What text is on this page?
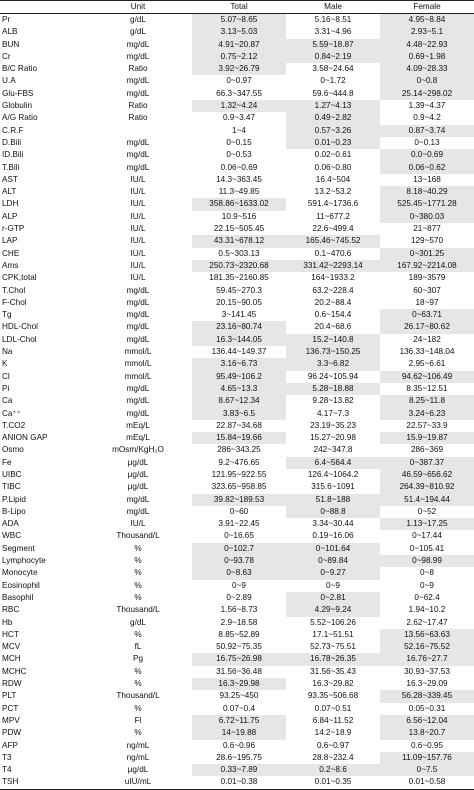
	Unit	Total	Male	Female
Pr	g/dL	5.07~8.65	5.16~8.51	4.95~8.84
ALB	g/dL	3.13~5.03	3.31~4.96	2.93~5.1
BUN	mg/dL	4.91~20.87	5.59~18.87	4.48~22.93
Cr	mg/dL	0.75~2.12	0.84~2.19	0.69~1.98
B/C Ratio	Ratio	3.92~26.79	3.58~24.64	4.09~28.33
U.A	mg/dL	0~0.97	0~1.72	0~0.8
Glu-FBS	mg/dL	66.3~347.55	59.6~444.8	25.14~298.02
Globulin	Ratio	1.32~4.24	1.27~4.13	1.39~4.37
A/G Ratio	Ratio	0.9~3.47	0.49~2.82	0.9~4.2
C.R.F		1~4	0.57~3.26	0.87~3.74
D.Bili	mg/dL	0~0.15	0.01~0.23	0~0.13
ID.Bili	mg/dL	0~0.53	0.02~0.61	0.0~0.69
T.Bili	mg/dL	0.06~0.69	0.06~0.80	0.06~0.62
AST	IU/L	14.3~363.45	16.4~504	13~168
ALT	IU/L	11.3~49.85	13.2~53.2	8.18~40.29
LDH	IU/L	358.86~1633.02	591.4~1736.6	525.45~1771.28
ALP	IU/L	10.9~516	11~677.2	0~380.03
r-GTP	IU/L	22.15~505.45	22.6~499.4	21~877
LAP	IU/L	43.31~678.12	165.46~745.52	129~570
CHE	IU/L	0.5~303.13	0.1~470.6	0~301.25
Ams	IU/L	250.73~2320.68	331.42~2293.14	167.92~2214.08
CPK,total	IU/L	181.35~2160.85	164~1933.2	189~3579
T.Chol	mg/dL	59.45~270.3	63.2~228.4	60~307
F-Chol	mg/dL	20.15~90.05	20.2~88.4	18~97
Tg	mg/dL	3~141.45	0.6~154.4	0~63.71
HDL-Chol	mg/dL	23.16~80.74	20.4~68.6	26.17~80.62
LDL-Chol	mg/dL	16.3~144.05	15.2~140.8	24~182
Na	mmol/L	136.44~149.37	136.73~150.25	136.33~148.04
K	mmol/L	3.16~6.73	3.3~6.82	2.95~6.61
Cl	mmol/L	95.49~106.2	96.24~105.94	94.62~106.49
Pi	mg/dL	4.65~13.3	5.28~18.88	8.35~12.51
Ca	mg/dL	8.67~12.34	9.28~13.82	8.25~11.8
Ca⁺⁺	mg/dL	3.83~6.5	4.17~7.3	3.24~6.23
T.CO2	mEq/L	22.87~34.68	23.19~35.23	22.57~33.9
ANION GAP	mEq/L	15.84~19.66	15.27~20.98	15.9~19.87
Osmo	mOsm/KgH₂O	286~343.25	242~347.8	286~369
Fe	μg/dL	9.2~476.65	6.4~564.4	0~387.37
UIBC	μg/dL	121.95~922.55	126.4~1064.2	46.59~656.62
TIBC	μg/dL	323.65~958.85	315.6~1091	264.39~810.92
P.Lipid	mg/dL	39.82~189.53	51.8~188	51.4~194.44
B-Lipo	mg/dL	0~60	0~88.8	0~52
ADA	IU/L	3.91~22.45	3.34~30.44	1.13~17.25
WBC	Thousand/L	0~16.65	0.19~16.06	0~17.44
Segment	%	0~102.7	0~101.64	0~105.41
Lymphocyte	%	0~93.78	0~89.84	0~98.99
Monocyte	%	0~8.63	0~9.27	0~8
Eosinophil	%	0~9	0~9	0~9
Basophil	%	0~2.89	0~2.81	0~62.4
RBC	Thousand/L	1.56~8.73	4.29~9.24	1.94~10.2
Hb	g/dL	2.9~18.58	5.52~106.26	2.62~17.47
HCT	%	8.85~52.89	17.1~51.51	13.56~63.63
MCV	fL	50.92~75.35	52.73~75.51	52.16~75.52
MCH	Pg	16.75~26.98	16.78~26.35	16.76~27.7
MCHC	%	31.56~36.48	31.56~35.43	30.93~37.53
RDW	%	16.3~29.98	16.3~29.82	16.3~29.09
PLT	Thousand/L	93.25~450	93.35~506.68	56.28~339.45
PCT	%	0.07~0.4	0.07~0.51	0.05~0.31
MPV	Fl	6.72~11.75	6.84~11.52	6.56~12.04
PDW	%	14~19.88	14.2~18.9	13.8~20.7
AFP	ng/mL	0.6~0.96	0.6~0.97	0.6~0.95
T3	ng/mL	28.6~195.75	28.8~232.4	11.09~157.76
T4	μg/dL	0.33~7.89	0.2~8.6	0~7.5
TSH	uIU/mL	0.01~0.38	0.01~0.35	0.01~0.58
